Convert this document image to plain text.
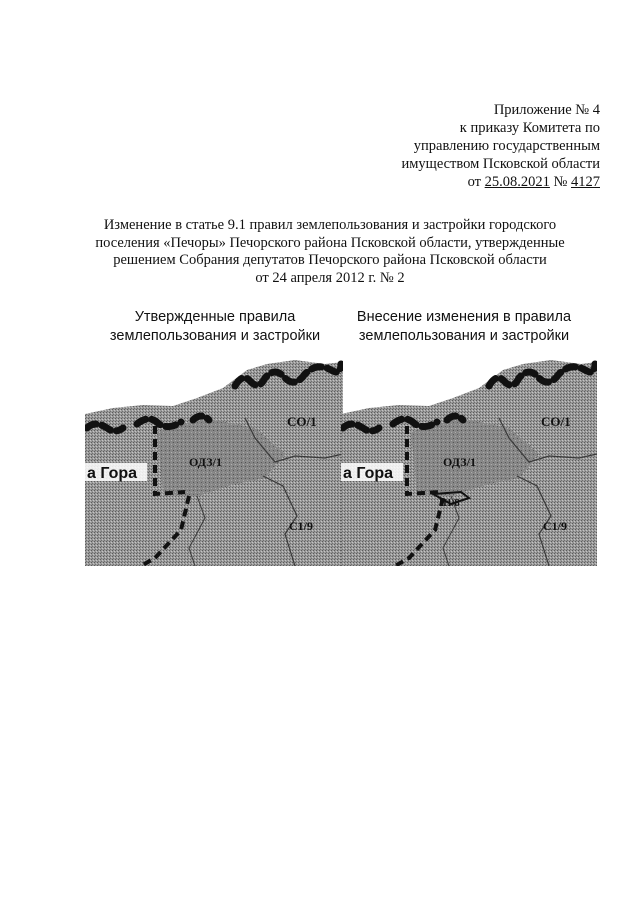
Приложение № 4
к приказу Комитета по
управлению государственным
имуществом Псковской области
от 25.08.2021 № 4127
Изменение в статье 9.1 правил землепользования и застройки городского
поселения «Печоры» Печорского района Псковской области, утвержденные
решением Собрания депутатов Печорского района Псковской области
от 24 апреля 2012 г. № 2
Утвержденные правила
землепользования и застройки
Внесение изменения в правила
землепользования и застройки
а Гора
СО/1
ОДЗ/1
С1/9
а Гора
СО/1
ОДЗ/1
П1/8
С1/9
